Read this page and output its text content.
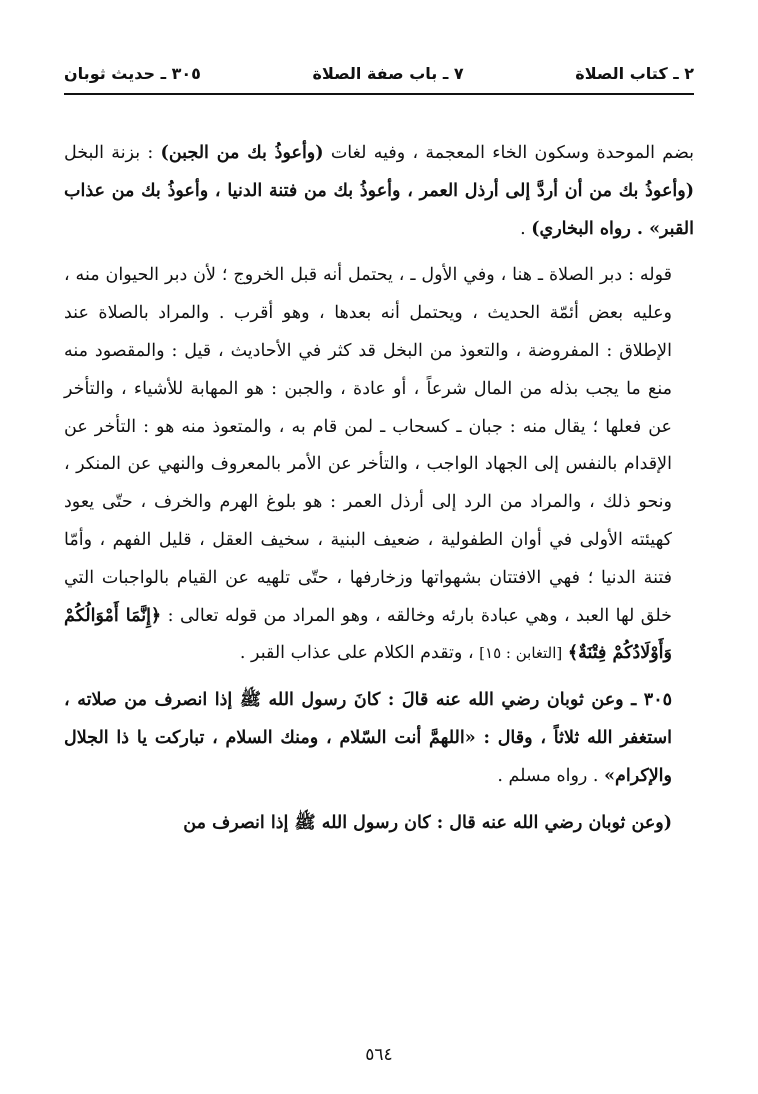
٢ ـ كتاب الصلاة
٧ ـ باب صفة الصلاة
٣٠٥ ـ حديث ثوبان

بضم الموحدة وسكون الخاء المعجمة ، وفيه لغات (وأعوذُ بك من الجبن) : بزنة البخل (وأعوذُ بك من أن أردَّ إلى أرذل العمر ، وأعوذُ بك من فتنة الدنيا ، وأعوذُ بك من عذاب القبر» . رواه البخاري) .

قوله : دبر الصلاة ـ هنا ، وفي الأول ـ ، يحتمل أنه قبل الخروج ؛ لأن دبر الحيوان منه ، وعليه بعض أئمّة الحديث ، ويحتمل أنه بعدها ، وهو أقرب . والمراد بالصلاة عند الإطلاق : المفروضة ، والتعوذ من البخل قد كثر في الأحاديث ، قيل : والمقصود منه منع ما يجب بذله من المال شرعاً ، أو عادة ، والجبن : هو المهابة للأشياء ، والتأخر عن فعلها ؛ يقال منه : جبان ـ كسحاب ـ لمن قام به ، والمتعوذ منه هو : التأخر عن الإقدام بالنفس إلى الجهاد الواجب ، والتأخر عن الأمر بالمعروف والنهي عن المنكر ، ونحو ذلك ، والمراد من الرد إلى أرذل العمر : هو بلوغ الهرم والخرف ، حتّى يعود كهيئته الأولى في أوان الطفولية ، ضعيف البنية ، سخيف العقل ، قليل الفهم ، وأمّا فتنة الدنيا ؛ فهي الافتتان بشهواتها وزخارفها ، حتّى تلهيه عن القيام بالواجبات التي خلق لها العبد ، وهي عبادة بارئه وخالقه ، وهو المراد من قوله تعالى : ﴿إِنَّمَا أَمْوَالُكُمْ وَأَوْلَادُكُمْ فِتْنَةٌ﴾ [التغابن : ١٥] ، وتقدم الكلام على عذاب القبر .

٣٠٥ ـ وعن ثوبان رضي الله عنه قالَ : كانَ رسول الله ﷺ إذا انصرف من صلاته ، استغفر الله ثلاثاً ، وقال : «اللهمَّ أنت السّلام ، ومنك السلام ، تباركت يا ذا الجلال والإكرام» . رواه مسلم .

(وعن ثوبان رضي الله عنه قال : كان رسول الله ﷺ إذا انصرف من

٥٦٤
